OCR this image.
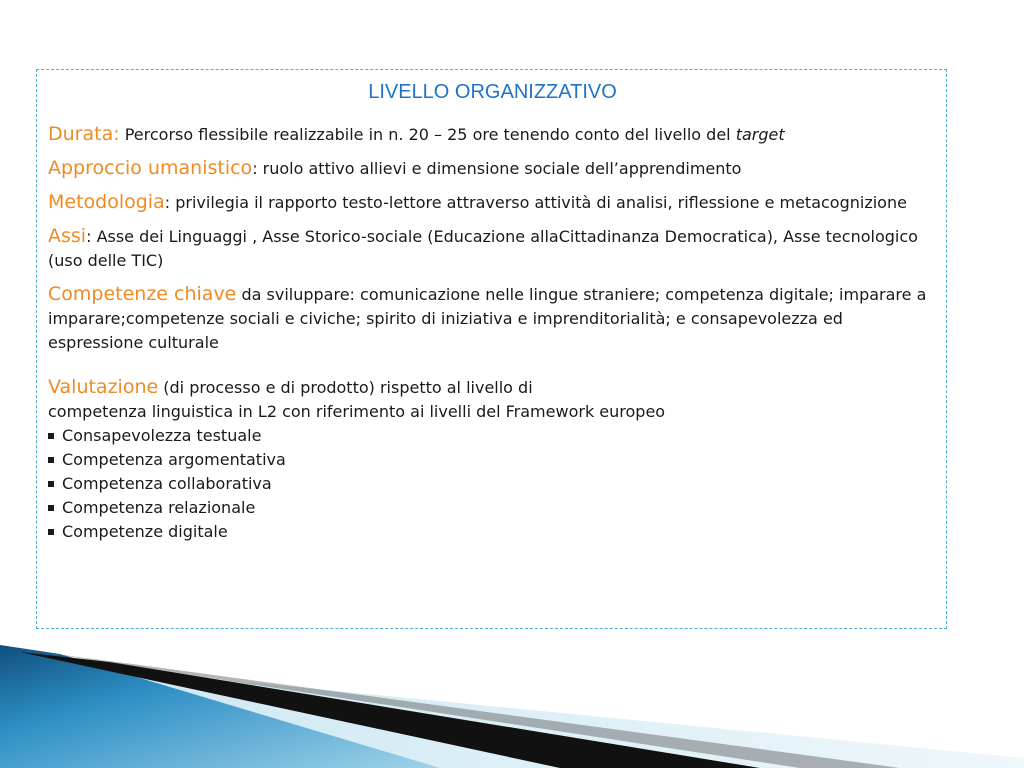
LIVELLO ORGANIZZATIVO

Durata: Percorso flessibile realizzabile in n. 20 – 25 ore tenendo conto del livello del target

Approccio umanistico: ruolo attivo allievi e dimensione sociale dell’apprendimento

Metodologia: privilegia il rapporto testo-lettore attraverso attività di analisi, riflessione e metacognizione

Assi: Asse dei Linguaggi , Asse Storico-sociale (Educazione allaCittadinanza Democratica), Asse tecnologico (uso delle TIC)

Competenze chiave da sviluppare: comunicazione nelle lingue straniere; competenza digitale; imparare a imparare;competenze sociali e civiche; spirito di iniziativa e imprenditorialità; e consapevolezza ed espressione culturale

Valutazione (di processo e di prodotto) rispetto al livello di
competenza linguistica in L2 con riferimento ai livelli del Framework europeo
Consapevolezza testuale
Competenza argomentativa
Competenza collaborativa
Competenza relazionale
Competenze digitale
